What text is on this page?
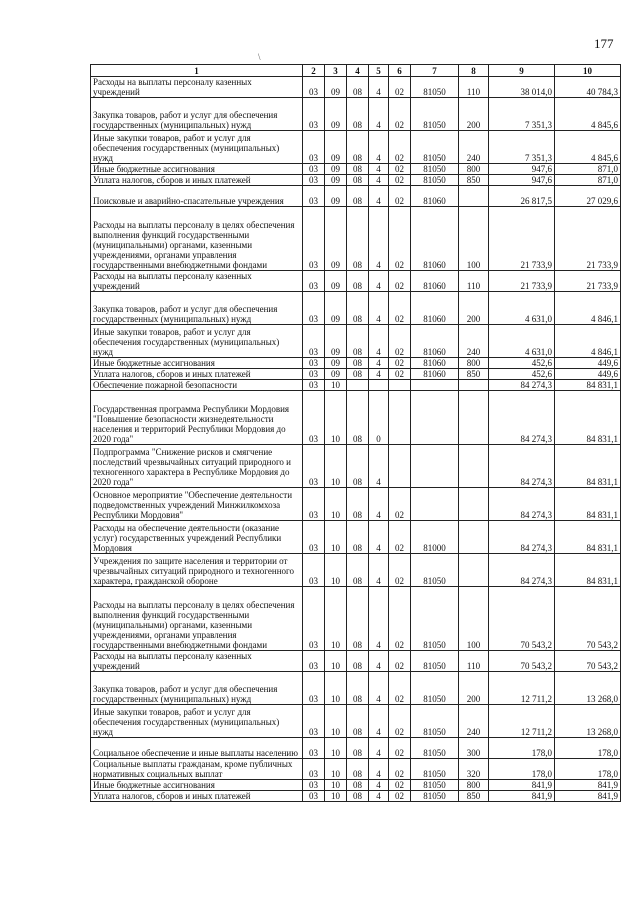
177
\
1	2	3	4	5	6	7	8	9	10
Расходы на выплаты персоналу казенных учреждений	03	09	08	4	02	81050	110	38 014,0	40 784,3
Закупка товаров, работ и услуг для обеспечения государственных (муниципальных) нужд	03	09	08	4	02	81050	200	7 351,3	4 845,6
Иные закупки товаров, работ и услуг для обеспечения государственных (муниципальных) нужд	03	09	08	4	02	81050	240	7 351,3	4 845,6
Иные бюджетные ассигнования	03	09	08	4	02	81050	800	947,6	871,0
Уплата налогов, сборов и иных платежей	03	09	08	4	02	81050	850	947,6	871,0
Поисковые и аварийно-спасательные учреждения	03	09	08	4	02	81060		26 817,5	27 029,6
Расходы на выплаты персоналу в целях обеспечения выполнения функций государственными (муниципальными) органами, казенными учреждениями, органами управления государственными внебюджетными фондами	03	09	08	4	02	81060	100	21 733,9	21 733,9
Расходы на выплаты персоналу казенных учреждений	03	09	08	4	02	81060	110	21 733,9	21 733,9
Закупка товаров, работ и услуг для обеспечения государственных (муниципальных) нужд	03	09	08	4	02	81060	200	4 631,0	4 846,1
Иные закупки товаров, работ и услуг для обеспечения государственных (муниципальных) нужд	03	09	08	4	02	81060	240	4 631,0	4 846,1
Иные бюджетные ассигнования	03	09	08	4	02	81060	800	452,6	449,6
Уплата налогов, сборов и иных платежей	03	09	08	4	02	81060	850	452,6	449,6
Обеспечение пожарной безопасности	03	10						84 274,3	84 831,1
Государственная программа Республики Мордовия "Повышение безопасности жизнедеятельности населения и территорий Республики Мордовия до 2020 года"	03	10	08	0				84 274,3	84 831,1
Подпрограмма "Снижение рисков и смягчение последствий чрезвычайных ситуаций природного и техногенного характера в Республике Мордовия до 2020 года"	03	10	08	4				84 274,3	84 831,1
Основное мероприятие "Обеспечение деятельности подведомственных учреждений Минжилкомхоза Республики Мордовия"	03	10	08	4	02			84 274,3	84 831,1
Расходы на обеспечение деятельности (оказание услуг) государственных учреждений Республики Мордовия	03	10	08	4	02	81000		84 274,3	84 831,1
Учреждения по защите населения и территории от чрезвычайных ситуаций природного и техногенного характера, гражданской обороне	03	10	08	4	02	81050		84 274,3	84 831,1
Расходы на выплаты персоналу в целях обеспечения выполнения функций государственными (муниципальными) органами, казенными учреждениями, органами управления государственными внебюджетными фондами	03	10	08	4	02	81050	100	70 543,2	70 543,2
Расходы на выплаты персоналу казенных учреждений	03	10	08	4	02	81050	110	70 543,2	70 543,2
Закупка товаров, работ и услуг для обеспечения государственных (муниципальных) нужд	03	10	08	4	02	81050	200	12 711,2	13 268,0
Иные закупки товаров, работ и услуг для обеспечения государственных (муниципальных) нужд	03	10	08	4	02	81050	240	12 711,2	13 268,0
Социальное обеспечение и иные выплаты населению	03	10	08	4	02	81050	300	178,0	178,0
Социальные выплаты гражданам, кроме публичных нормативных социальных выплат	03	10	08	4	02	81050	320	178,0	178,0
Иные бюджетные ассигнования	03	10	08	4	02	81050	800	841,9	841,9
Уплата налогов, сборов и иных платежей	03	10	08	4	02	81050	850	841,9	841,9
